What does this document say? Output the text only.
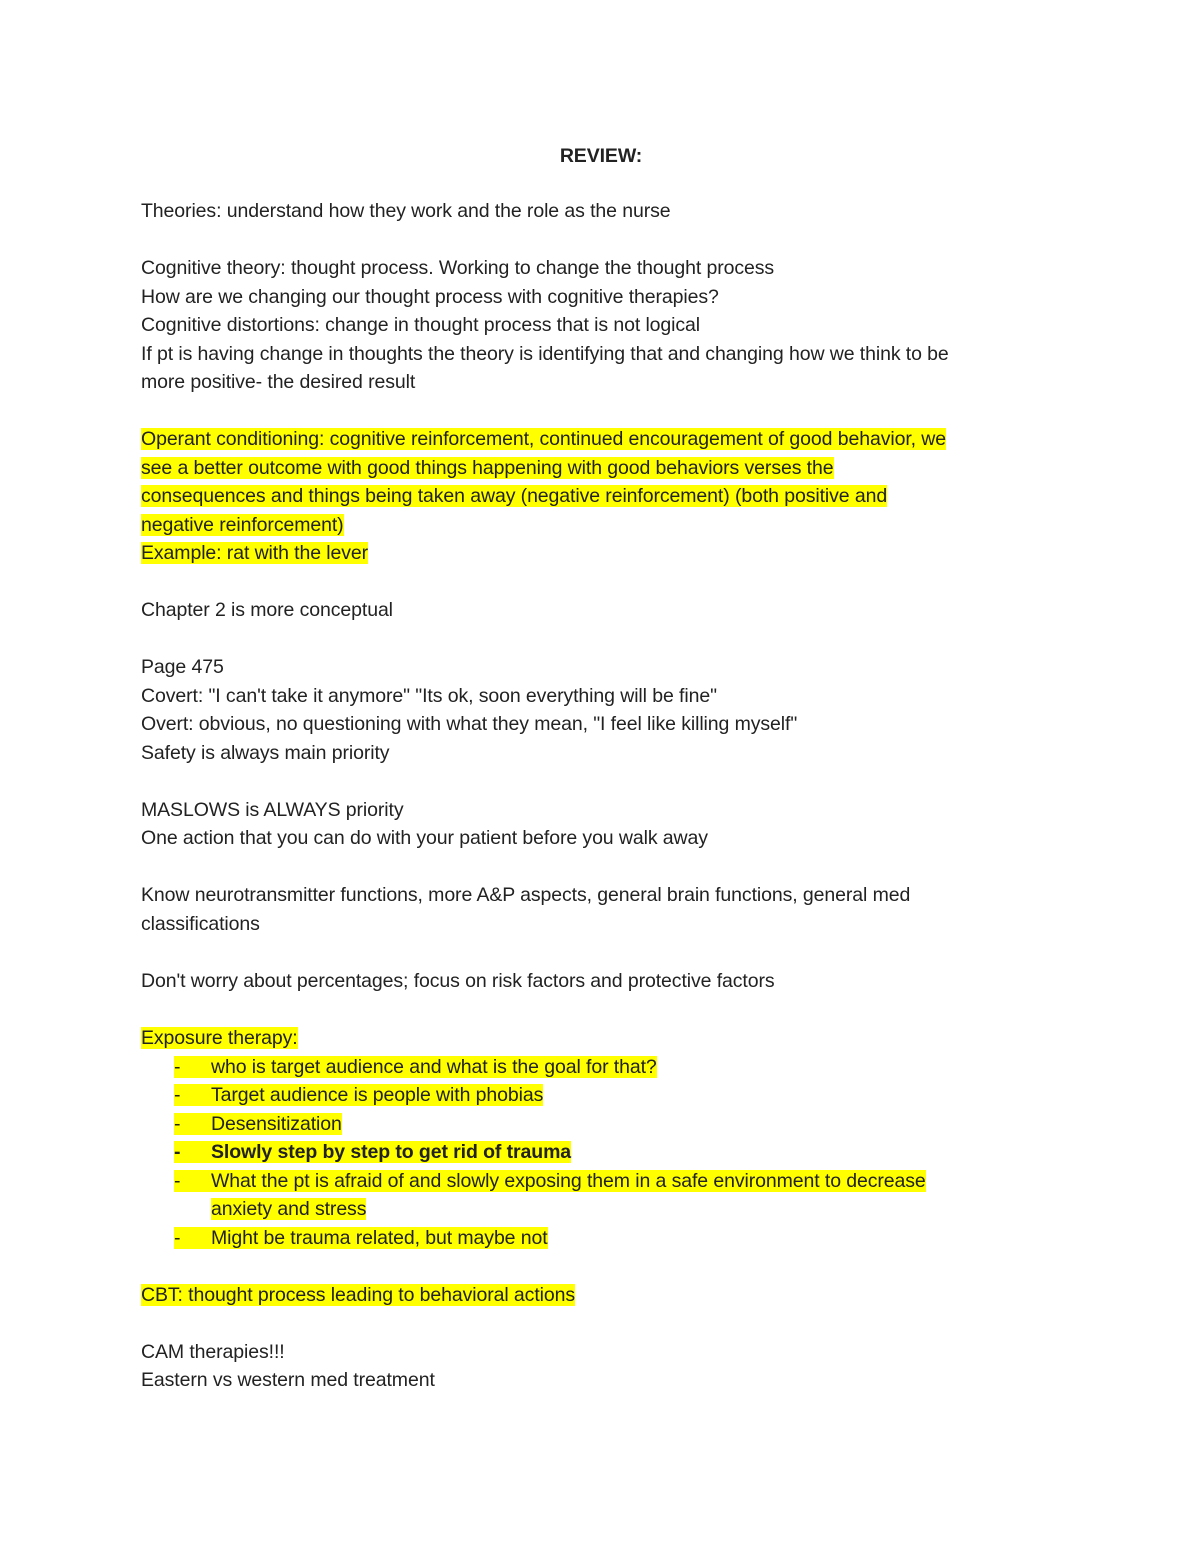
REVIEW:
Theories: understand how they work and the role as the nurse
Cognitive theory: thought process. Working to change the thought process
How are we changing our thought process with cognitive therapies?
Cognitive distortions: change in thought process that is not logical
If pt is having change in thoughts the theory is identifying that and changing how we think to be
more positive- the desired result
Operant conditioning: cognitive reinforcement, continued encouragement of good behavior, we
see a better outcome with good things happening with good behaviors verses the
consequences and things being taken away (negative reinforcement) (both positive and
negative reinforcement)
Example: rat with the lever
Chapter 2 is more conceptual
Page 475
Covert: "I can't take it anymore" "Its ok, soon everything will be fine"
Overt: obvious, no questioning with what they mean, "I feel like killing myself"
Safety is always main priority
MASLOWS is ALWAYS priority
One action that you can do with your patient before you walk away
Know neurotransmitter functions, more A&P aspects, general brain functions, general med
classifications
Don't worry about percentages; focus on risk factors and protective factors
Exposure therapy:
- who is target audience and what is the goal for that?
- Target audience is people with phobias
- Desensitization
- Slowly step by step to get rid of trauma
- What the pt is afraid of and slowly exposing them in a safe environment to decrease
anxiety and stress
- Might be trauma related, but maybe not
CBT: thought process leading to behavioral actions
CAM therapies!!!
Eastern vs western med treatment
